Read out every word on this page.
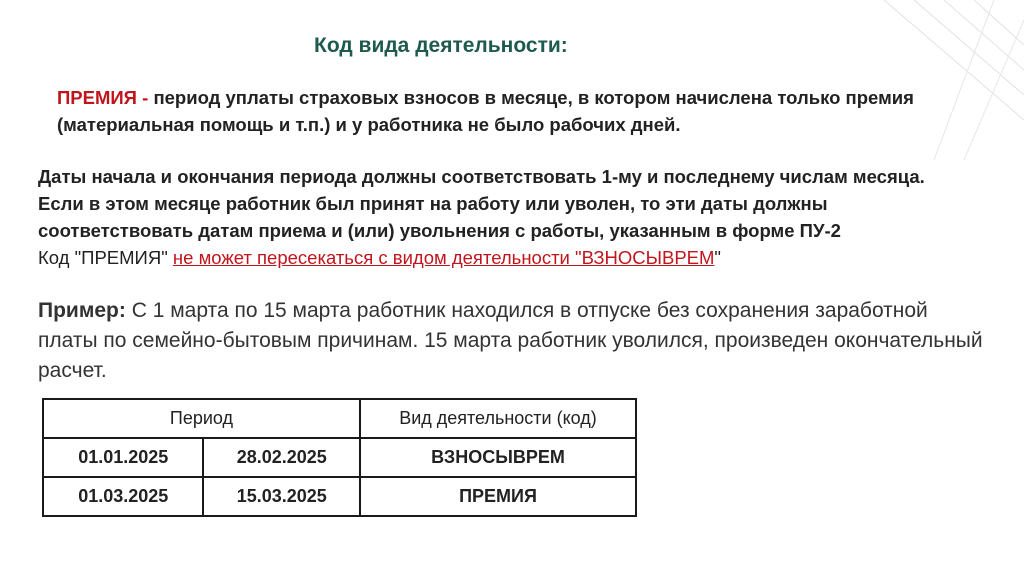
Код вида деятельности:
ПРЕМИЯ - период уплаты страховых взносов в месяце, в котором начислена только премия (материальная помощь и т.п.) и у работника не было рабочих дней.
Даты начала и окончания периода должны соответствовать 1-му и последнему числам месяца.
Если в этом месяце работник был принят на работу или уволен, то эти даты должны
соответствовать датам приема и (или) увольнения с работы, указанным в форме ПУ-2
Код "ПРЕМИЯ" не может пересекаться с видом деятельности "ВЗНОСЫВРЕМ"
Пример: С 1 марта по 15 марта работник находился в отпуске без сохранения заработной платы по семейно-бытовым причинам. 15 марта работник уволился, произведен окончательный расчет.
Период		Вид деятельности (код)
01.01.2025	28.02.2025	ВЗНОСЫВРЕМ
01.03.2025	15.03.2025	ПРЕМИЯ
